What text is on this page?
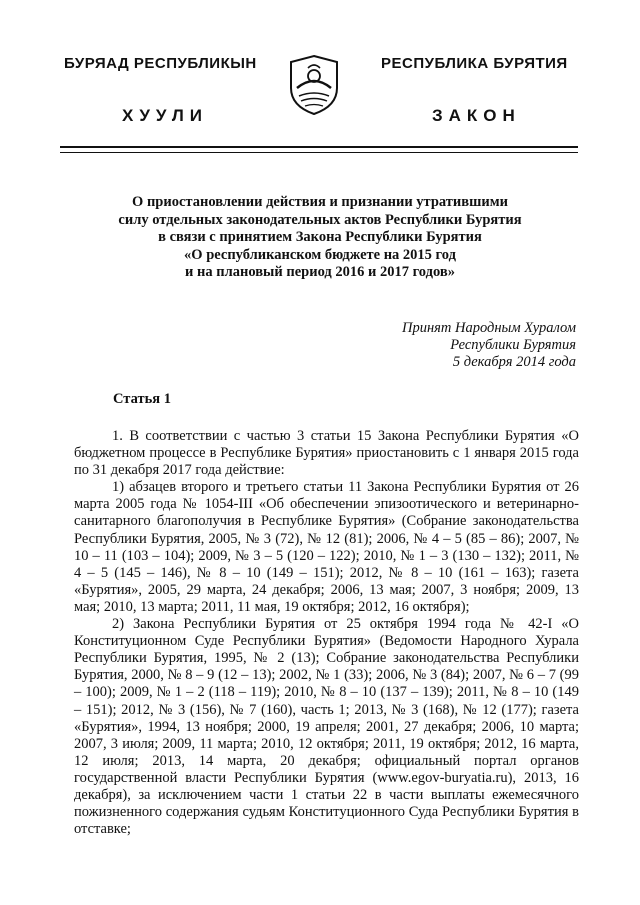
БУРЯАД РЕСПУБЛИКЫН	РЕСПУБЛИКА БУРЯТИЯ
ХУУЛИ	ЗАКОН
О приостановлении действия и признании утратившими
силу отдельных законодательных актов Республики Бурятия
в связи с принятием Закона Республики Бурятия
«О республиканском бюджете на 2015 год
и на плановый период 2016 и 2017 годов»
Принят Народным Хуралом
Республики Бурятия
5 декабря 2014 года
Статья 1

1. В соответствии с частью 3 статьи 15 Закона Республики Бурятия «О бюджетном процессе в Республике Бурятия» приостановить с 1 января 2015 года по 31 декабря 2017 года действие:

1) абзацев второго и третьего статьи 11 Закона Республики Бурятия от 26 марта 2005 года № 1054-III «Об обеспечении эпизоотического и ветеринарно-санитарного благополучия в Республике Бурятия» (Собрание законодательства Республики Бурятия, 2005, № 3 (72), № 12 (81); 2006, № 4 – 5 (85 – 86); 2007, № 10 – 11 (103 – 104); 2009, № 3 – 5 (120 – 122); 2010, № 1 – 3 (130 – 132); 2011, № 4 – 5 (145 – 146), № 8 – 10 (149 – 151); 2012, № 8 – 10 (161 – 163); газета «Бурятия», 2005, 29 марта, 24 декабря; 2006, 13 мая; 2007, 3 ноября; 2009, 13 мая; 2010, 13 марта; 2011, 11 мая, 19 октября; 2012, 16 октября);

2) Закона Республики Бурятия от 25 октября 1994 года № 42-I «О Конституционном Суде Республики Бурятия» (Ведомости Народного Хурала Республики Бурятия, 1995, № 2 (13); Собрание законодательства Республики Бурятия, 2000, № 8 – 9 (12 – 13); 2002, № 1 (33); 2006, № 3 (84); 2007, № 6 – 7 (99 – 100); 2009, № 1 – 2 (118 – 119); 2010, № 8 – 10 (137 – 139); 2011, № 8 – 10 (149 – 151); 2012, № 3 (156), № 7 (160), часть 1; 2013, № 3 (168), № 12 (177); газета «Бурятия», 1994, 13 ноября; 2000, 19 апреля; 2001, 27 декабря; 2006, 10 марта; 2007, 3 июля; 2009, 11 марта; 2010, 12 октября; 2011, 19 октября; 2012, 16 марта, 12 июля; 2013, 14 марта, 20 декабря; официальный портал органов государственной власти Республики Бурятия (www.egov-buryatia.ru), 2013, 16 декабря), за исключением части 1 статьи 22 в части выплаты ежемесячного пожизненного содержания судьям Конституционного Суда Республики Бурятия в отставке;
